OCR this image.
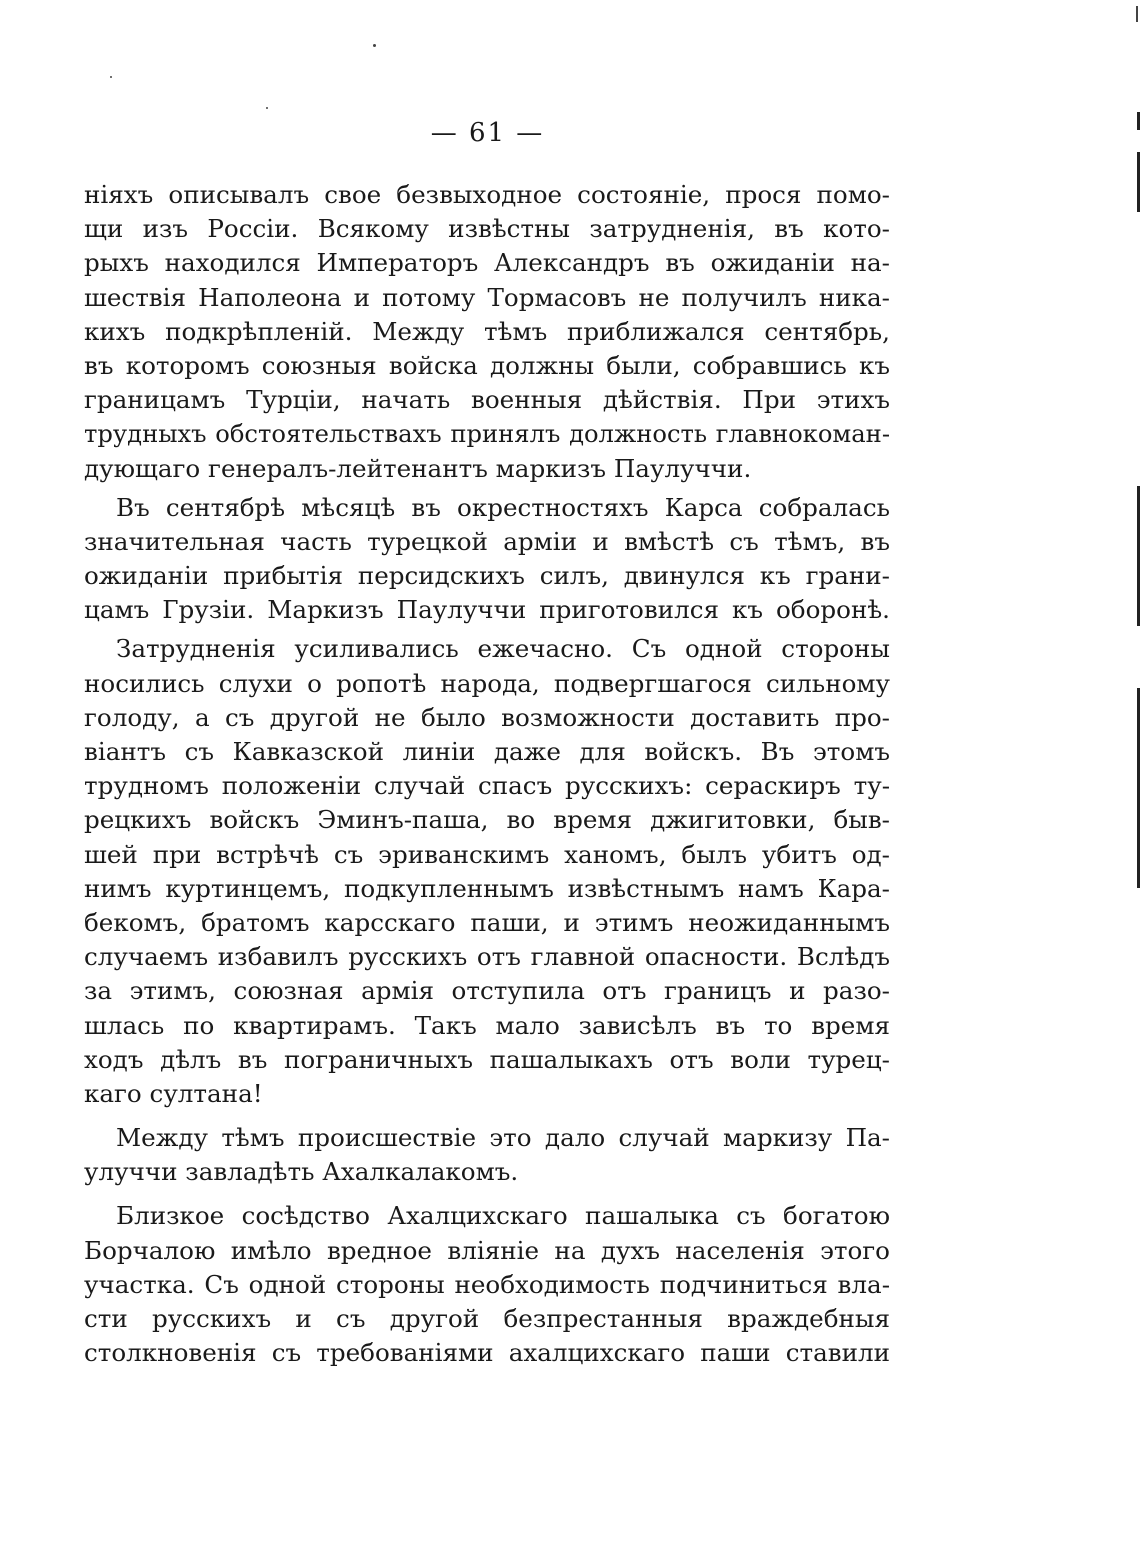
— 61 —
ніяхъ описывалъ свое безвыходное состояніе, прося помо-
щи изъ Россіи. Всякому извѣстны затрудненія, въ кото-
рыхъ находился Императоръ Александръ въ ожиданіи на-
шествія Наполеона и потому Тормасовъ не получилъ ника-
кихъ подкрѣпленій. Между тѣмъ приближался сентябрь,
въ которомъ союзныя войска должны были, собравшись къ
границамъ Турціи, начать военныя дѣйствія. При этихъ
трудныхъ обстоятельствахъ принялъ должность главнокоман-
дующаго генералъ-лейтенантъ маркизъ Паулуччи.
Въ сентябрѣ мѣсяцѣ въ окрестностяхъ Карса собралась
значительная часть турецкой арміи и вмѣстѣ съ тѣмъ, въ
ожиданіи прибытія персидскихъ силъ, двинулся къ грани-
цамъ Грузіи. Маркизъ Паулуччи приготовился къ оборонѣ.
Затрудненія усиливались ежечасно. Съ одной стороны
носились слухи о ропотѣ народа, подвергшагося сильному
голоду, а съ другой не было возможности доставить про-
віантъ съ Кавказской линіи даже для войскъ. Въ этомъ
трудномъ положеніи случай спасъ русскихъ: сераскиръ ту-
рецкихъ войскъ Эминъ-паша, во время джигитовки, быв-
шей при встрѣчѣ съ эриванскимъ ханомъ, былъ убитъ од-
нимъ куртинцемъ, подкупленнымъ извѣстнымъ намъ Кара-
бекомъ, братомъ карсскаго паши, и этимъ неожиданнымъ
случаемъ избавилъ русскихъ отъ главной опасности. Вслѣдъ
за этимъ, союзная армія отступила отъ границъ и разо-
шлась по квартирамъ. Такъ мало зависѣлъ въ то время
ходъ дѣлъ въ пограничныхъ пашалыкахъ отъ воли турец-
каго султана!
Между тѣмъ происшествіе это дало случай маркизу Па-
улуччи завладѣть Ахалкалакомъ.
Близкое сосѣдство Ахалцихскаго пашалыка съ богатою
Борчалою имѣло вредное вліяніе на духъ населенія этого
участка. Съ одной стороны необходимость подчиниться вла-
сти русскихъ и съ другой безпрестанныя враждебныя
столкновенія съ требованіями ахалцихскаго паши ставили
